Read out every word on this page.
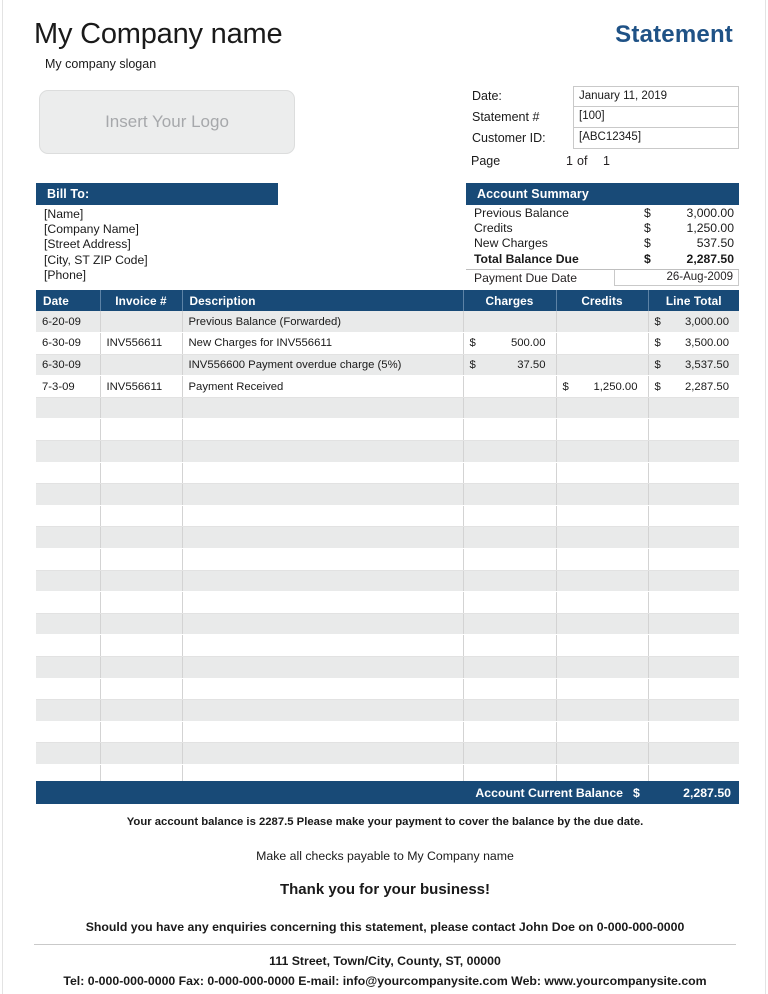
My Company name
My company slogan
Statement
Insert Your Logo
Date:	January 11, 2019
Statement #	[100]
Customer ID:	[ABC12345]
Page	1 of	1
Bill To:
[Name]
[Company Name]
[Street Address]
[City, ST ZIP Code]
[Phone]
Account Summary
Previous Balance	$	3,000.00
Credits	$	1,250.00
New Charges	$	537.50
Total Balance Due	$	2,287.50
Payment Due Date	26-Aug-2009
Date	Invoice #	Description	Charges	Credits	Line Total
6-20-09		Previous Balance (Forwarded)			$ 3,000.00

6-30-09	INV556611	New Charges for INV556611	$ 500.00		$ 3,500.00

6-30-09		INV556600 Payment overdue charge (5%)	$ 37.50		$ 3,537.50

7-3-09	INV556611	Payment Received		$ 1,250.00	$ 2,287.50

Account Current Balance $	2,287.50
Your account balance is 2287.5 Please make your payment to cover the balance by the due date.
Make all checks payable to My Company name
Thank you for your business!
Should you have any enquiries concerning this statement, please contact John Doe on 0-000-000-0000
111 Street, Town/City, County, ST, 00000
Tel: 0-000-000-0000 Fax: 0-000-000-0000 E-mail: info@yourcompanysite.com Web: www.yourcompanysite.com
